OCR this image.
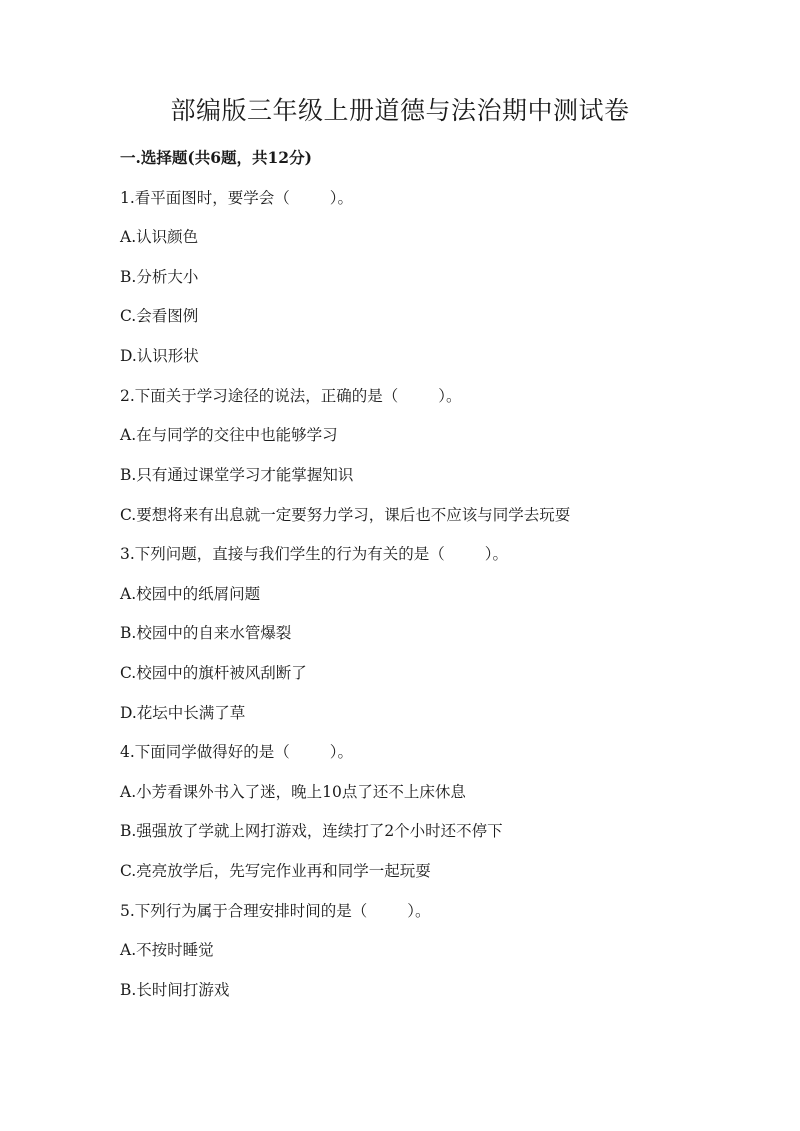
部编版三年级上册道德与法治期中测试卷
一.选择题(共6题，共12分)
1.看平面图时，要学会（	）。
A.认识颜色
B.分析大小
C.会看图例
D.认识形状
2.下面关于学习途径的说法，正确的是（	）。
A.在与同学的交往中也能够学习
B.只有通过课堂学习才能掌握知识
C.要想将来有出息就一定要努力学习，课后也不应该与同学去玩耍
3.下列问题，直接与我们学生的行为有关的是（	）。
A.校园中的纸屑问题
B.校园中的自来水管爆裂
C.校园中的旗杆被风刮断了
D.花坛中长满了草
4.下面同学做得好的是（	）。
A.小芳看课外书入了迷，晚上10点了还不上床休息
B.强强放了学就上网打游戏，连续打了2个小时还不停下
C.亮亮放学后，先写完作业再和同学一起玩耍
5.下列行为属于合理安排时间的是（	）。
A.不按时睡觉
B.长时间打游戏
